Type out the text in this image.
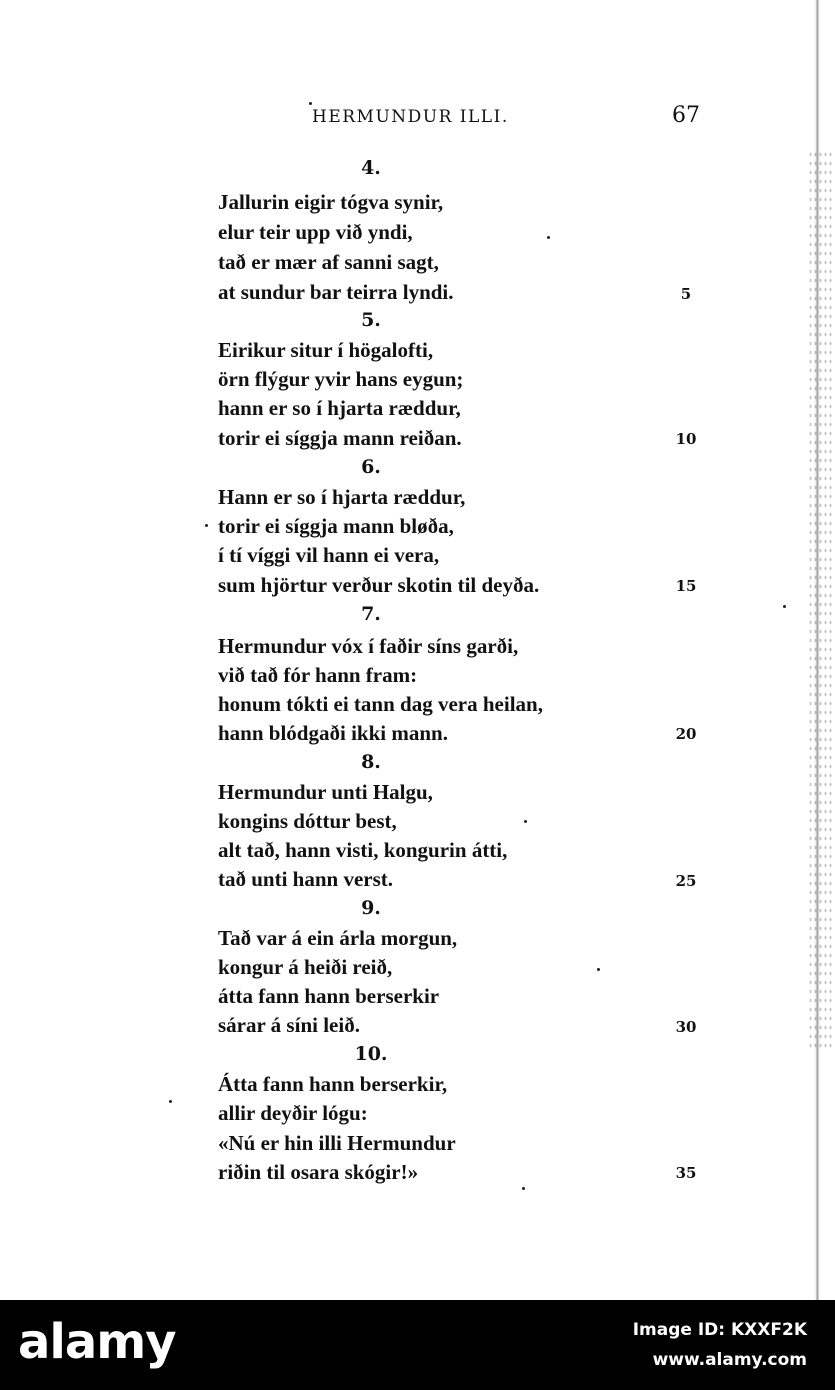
HERMUNDUR ILLI.	67
4.
Jallurin eigir tógva synir,
elur teir upp við yndi,
tað er mær af sanni sagt,
at sundur bar teirra lyndi.	5
5.
Eirikur situr í högalofti,
örn flýgur yvir hans eygun;
hann er so í hjarta ræddur,
torir ei síggja mann reiðan.	10
6.
Hann er so í hjarta ræddur,
torir ei síggja mann bløða,
í tí víggi vil hann ei vera,
sum hjörtur verður skotin til deyða.	15
7.
Hermundur vóx í faðir síns garði,
við tað fór hann fram:
honum tókti ei tann dag vera heilan,
hann blódgaði ikki mann.	20
8.
Hermundur unti Halgu,
kongins dóttur best,
alt tað, hann visti, kongurin átti,
tað unti hann verst.	25
9.
Tað var á ein árla morgun,
kongur á heiði reið,
átta fann hann berserkir
sárar á síni leið.	30
10.
Átta fann hann berserkir,
allir deyðir lógu:
«Nú er hin illi Hermundur
riðin til osara skógir!»	35
alamy	Image ID: KXXF2K
www.alamy.com
